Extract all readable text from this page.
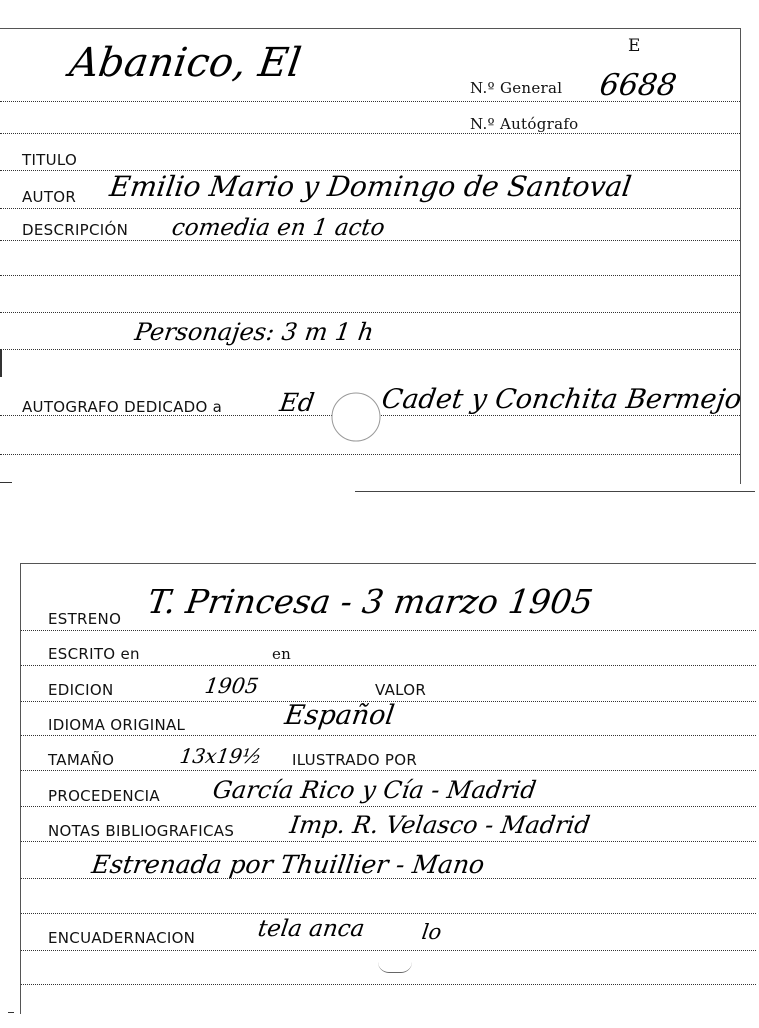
E
Abanico, El
N.º General 6688
N.º Autógrafo
TITULO
AUTOR Emilio Mario y Domingo de Santoval
DESCRIPCIÓN comedia en 1 acto
Personajes: 3 m 1 h
AUTOGRAFO DEDICADO a Ed Cadet y Conchita Bermejo
ESTRENO T. Princesa - 3 marzo 1905
ESCRITO en	en
EDICION	1905	VALOR
IDIOMA ORIGINAL	Español
TAMAÑO	13x19½ ILUSTRADO POR
PROCEDENCIA García Rico y Cía - Madrid
NOTAS BIBLIOGRAFICAS Imp. R. Velasco - Madrid
Estrenada por Thuillier - Mano
ENCUADERNACION	tela anca	lo
